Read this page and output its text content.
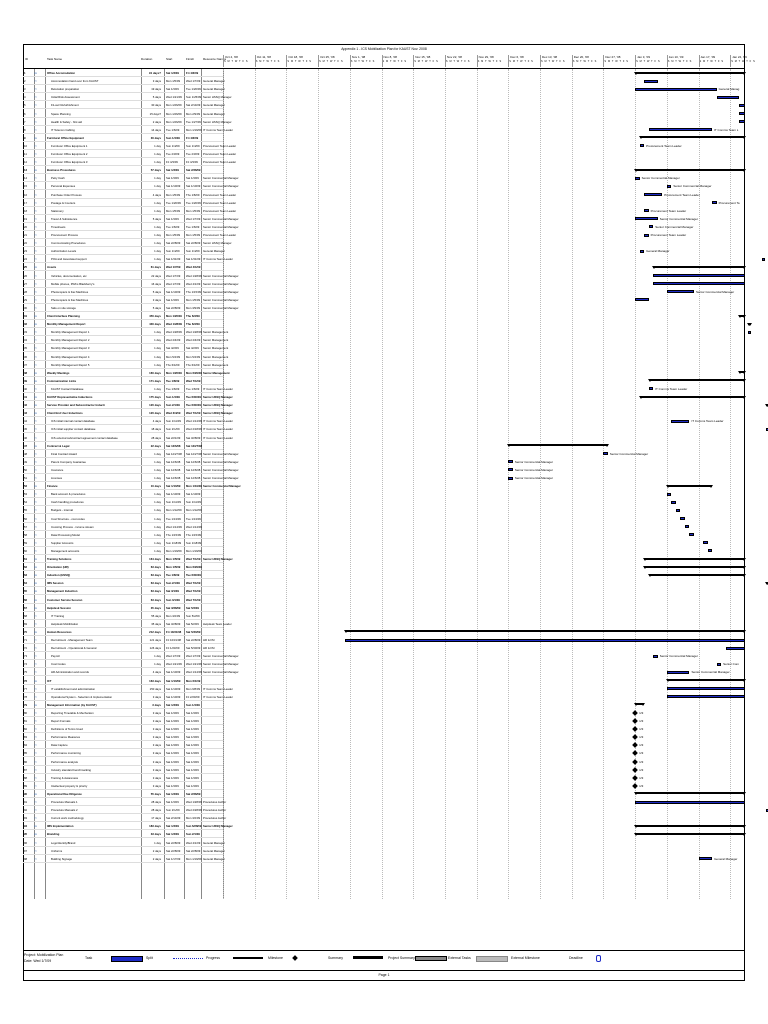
Appendix 1 - ICS Mobilization Plan for KAUST Nov. 2008
ID	Task Name	Duration	Start	Finish	Resource Names
Oct 4, '08
S M T W T F S
Oct 11, '08
S M T W T F S
Oct 18, '08
S M T W T F S
Oct 25, '08
S M T W T F S
Nov 1, '08
S M T W T F S
Nov 8, '08
S M T W T F S
Nov 15, '08
S M T W T F S
Nov 22, '08
S M T W T F S
Nov 29, '08
S M T W T F S
Dec 6, '08
S M T W T F S
Dec 13, '08
S M T W T F S
Dec 20, '08
S M T W T F S
Dec 27, '08
S M T W T F S
Jan 3, '09
S M T W T F S
Jan 10, '09
S M T W T F S
Jan 17, '09
S M T W T F S
Jan 24, '09
S M T W T F S
1	▭	Office Accomodation	91 days? Sat 1/3/09	Fri 4/3/09
2	▭	Accomodation hand over from KAUST	3 days Mon 1/5/09	Wed 1/7/09 General Manager
3	▭	Relocation preparation	19 days Sat 1/3/09	Tue 1/20/09 General Manager
4	▭	Initial Risk Assessment	5 days Wed 1/21/09	Sun 1/25/09 Senior HSSQ Manager
5	▭	Fit-out/ Refurbishment	30 days Mon 1/26/09	Sat 2/14/09 General Manager
6	▭	Space Planning	15 days? Mon 1/26/09	Mon 2/9/09	General Manager
7	▭	Health & Safety - first aid	2 days Mon 1/26/09	Tue 1/27/09 Senior HSSQ Manager
8	▭	IT Telecom Cabling	14 days Tue 1/6/09	Mon 1/19/09 IT Comms Team Leader
9	▭	Furniture/ Office Equipment	30 days Sun 1/4/09	Fri 4/3/09
10	▭	Furniture/ Office Equipment 1	1 day Sun 1/4/09	Sun 1/4/09	Procurement Team Leader
11	▭	Furniture/ Office Equipment 2	1 day Tue 2/3/09	Tue 2/3/09	Procurement Team Leader
12	▭	Furniture/ Office Equipment 3	1 day Fri 4/3/09	Fri 4/3/09	Procurement Team Leader
13	▭	Business Procedures	57 days Sat 1/3/09	Sat 2/28/09
14	▭	Petty Cash	1 day Sat 1/3/09	Sat 1/3/09	Senior Commercial Manager
15	▭	Personal Expenses	1 day Sat 1/10/09	Sat 1/10/09 Senior Commercial Manager
16	▭	Purchase Order Process	4 days Mon 1/5/09	Thu 1/8/09	Procurement Team Leader
17	▭	Postage & Couriers	1 day Tue 1/20/09	Tue 1/20/09 Procurement Team Leader
18	▭	Stationery	1 day Mon 1/5/09	Mon 1/5/09	Procurement Team Leader
19	▭	Travel & Subsistence	5 days Sat 1/3/09	Wed 1/7/09 Senior Commercial Manager
20	▭	Timesheets	1 day Tue 1/6/09	Tue 1/6/09	Senior Commercial Manager
21	▭	Procurement Process	1 day Mon 1/5/09	Mon 1/5/09	Procurement Team Leader
22	▭	Communicating Procedures	1 day Sat 2/28/09	Sat 2/28/09 Senior HSSQ Manager
23	▭	Authorization Levels	1 day Sun 1/4/09	Sun 1/4/09	General Manager
24	▭	POA and Associated support	1 day Sat 1/31/09	Sat 1/31/09 IT Comms Team Leader
25	▭	Assets	61 days Wed 1/7/09	Wed 4/1/09
26	▭	Vehicles, documentation, etc	22 days Wed 1/7/09	Wed 1/28/09 Senior Commercial Manager
27	▭	Mobile phones, PDA's Blackberry's	16 days Wed 1/7/09	Wed 4/1/09 Senior Commercial Manager
28	▭	Photocopiers & Fax Machines	5 days Sat 1/10/09	Thu 1/15/09 Senior Commercial Manager
29	▭	Photocopiers & Fax Machines	3 days Sat 1/3/09	Mon 1/5/09	Senior Commercial Manager
30	▭	Safe on site storage	5 days Sat 2/28/09	Mon 3/9/09	Senior Commercial Manager
31	▭	Client Interface Planning	450 days Mon 1/26/09	Thu 6/3/09
32	▭	Monthly Management Report	430 days Wed 1/28/09	Thu 6/3/09
33	▭	Monthly Management Report 1	1 day Wed 1/28/09	Wed 1/28/09 Senior Management
34	▭	Monthly Management Report 2	1 day Wed 2/4/09	Wed 2/4/09 Senior Management
35	▭	Monthly Management Report 3	1 day Sat 4/2/09	Sat 4/2/09	Senior Management
36	▭	Monthly Management Report 4	1 day Mon 5/4/09	Mon 5/4/09	Senior Management
37	▭	Monthly Management Report 5	1 day Thu 6/4/09	Thu 6/4/09	Senior Management
38	▭	Weekly Meetings	160 days Mon 1/26/09	Mon 6/29/09 Senior Management
39	▭	Communication Links	171 days Tue 1/6/09	Wed 7/1/09
40	▭	KAUST Contact Database	1 day Tue 1/6/09	Tue 1/6/09	IT Comms Team Leader
41	▭	KAUST Representative Inductions	175 days Sun 1/4/09	Tue 6/30/09 Senior HSSQ Manager
42	▭	Service Provider and Subcontractor Inducti	120 days Sun 2/1/09	Tue 6/30/09 Senior HSSQ Manager
43	▭	Client End User Inductions	120 days Wed 3/4/09	Wed 7/1/09 Senior HSSQ Manager
44	▭	ICS initial internal contact database	4 days Sun 1/11/09	Wed 1/14/09 IT Comms Team Leader
45	▭	ICS initial supplier contact database	18 days Sun 2/1/09	Wed 2/18/09 IT Comms Team Leader
46	▭	ICS external subcontract agreement contact database	28 days Sat 2/21/09	Sat 3/28/09 IT Comms Team Leader
47	▭	Contract & Legal	22 days Sat 12/6/08	Sat 12/27/08
48	▭	Final Contract Award	1 day Sat 12/27/08	Sat 12/27/08 Senior Commercial Manager
49	▭	Parent Company Guarantee	1 day Sat 12/6/08	Sat 12/6/08 Senior Commercial Manager
50	▭	Insurance	1 day Sat 12/6/08	Sat 12/6/08 Senior Commercial Manager
51	▭	Licenses	1 day Sat 12/6/08	Sat 12/6/08 Senior Commercial Manager
52	▭	Finance	10 days Sat 1/10/09	Mon 1/19/09 Senior Commercial Manager
53	▭	Bank account & procedures	1 day Sat 1/10/09	Sat 1/10/09
54	▭	Cash handling procedures	1 day Sun 1/11/09	Sun 1/11/09
55	▭	Budgets - internal	1 day Mon 1/12/09	Mon 1/12/09
56	▭	Cost Structure - cost codes	1 day Tue 1/13/09	Tue 1/13/09
57	▭	Invoicing Process - income stream	1 day Wed 1/14/09	Wed 1/14/09
58	▭	Data Processing Model	1 day Thu 1/15/09	Thu 1/15/09
59	▭	Supplier Accounts	1 day Sun 1/18/09	Sun 1/18/09
60	▭	Management accounts	1 day Mon 1/19/09	Mon 1/19/09
61	▭	Training Solutions	164 days Mon 1/5/09	Wed 7/1/09 Senior HSSQ Manager
62	▭	Orientation (HR)	63 days Mon 1/5/09	Mon 6/29/09
63	▭	Induction (HSSQ)	63 days Tue 1/6/09	Tue 6/30/09
64	▭	IMS Session	63 days Sun 2/1/09	Wed 7/1/09
65	▭	Management Induction	63 days Sat 3/1/09	Wed 7/1/09
66	▭	Customer Service Session	63 days Sun 3/1/09	Wed 7/1/09
67	▭	Helpdesk Session	35 days Sat 3/28/09	Sat 5/2/09
68	▭	IT Training	55 days Mon 3/2/09	Sun 5/2/09
69	▭	Helpdesk Mobilization	35 days Sat 3/28/09	Sat 5/2/09	Helpdesk Team Leader
70	▭	Human Resources	212 days Fri 10/31/08	Sat 5/30/09
71	▭	Recruitment - Management Team	121 days Fri 10/31/08	Sat 2/28/09 HR & FM
72	▭	Recruitment - Operational & General	126 days Fri 1/23/09	Sat 5/30/09 HR & FM
73	▭	Payroll	1 day Wed 1/7/09	Wed 1/7/09 Senior Commercial Manager
74	▭	Cost Codes	1 day Wed 1/21/09	Wed 1/21/09 Senior Commercial Manager
75	▭	HR Administration and records	4 days Sat 1/10/09	Wed 1/14/09 Senior Commercial Manager
76	▭	ICT	163 days Sat 1/10/09	Mon 6/1/09
77	▭	IT establishment and administration	150 days Sat 1/10/09	Mon 6/8/09	IT Comms Team Leader
78	▭	Operational System - Selection & Implementation	3 days Sat 1/10/09	Fri 2/20/09	IT Comms Team Leader
79	▭	Management Information (by KAUST)	3 days Sat 1/3/09	Sun 1/4/09
80	▭	Reporting Timetable & Mechanism	3 days Sat 1/3/09	Sat 1/3/09
81	▭	Report Formats	3 days Sat 1/3/09	Sat 1/3/09
82	▭	Definitions of Terms Used	3 days Sat 1/3/09	Sat 1/3/09
83	▭	Performance Measures	3 days Sat 1/3/09	Sat 1/3/09
84	▭	Data Capture	3 days Sat 1/3/09	Sat 1/3/09
85	▭	Performance monitoring	3 days Sat 1/3/09	Sat 1/3/09
86	▭	Performance analysis	3 days Sat 1/3/09	Sat 1/3/09
87	▭	Industry standard benchmarking	3 days Sat 1/3/09	Sat 1/3/09
88	▭	Training & Awareness	3 days Sat 1/3/09	Sat 1/3/09
89	▭	Intellectual property & priority	3 days Sat 1/3/09	Sat 1/3/09
90	▭	Operational Due Diligence	55 days Sat 1/3/09	Sat 2/28/09
91	▭	Procedure Manuals 1	28 days Sat 1/3/09	Wed 1/28/09 Procedures Author
92	▭	Procedure Manuals 2	28 days Sun 2/1/09	Wed 2/28/09 Procedures Author
93	▭	Current work methodology	17 days Sat 2/14/09	Mon 3/2/09	Procedures Author
94	▭	IMS Implementation	183 days Sat 1/3/09	Sun 6/28/09 Senior HSSQ Manager
95	▭	Branding	33 days Sat 1/3/09	Sun 2/1/09
96	▭	Logo/Identity/Brand	1 day Sat 2/28/09	Wed 4/1/09 General Manager
97	▭	Uniforms	2 days Sat 2/28/09	Sat 2/28/09 General Manager
98	▭	Building Signage	2 days Sat 1/17/09	Mon 1/19/09 General Manager
General Manag
IT Comms Team L
Procurement Team Leader
Senior Commercial Manager
Senior Commercial Manager
Procurement Team Leader
Procurement Te
Procurement Team Leader
Senior Commercial Manager
Senior Commercial Manager
Procurement Team Leader
General Manager
Senior Commercial Manager
IT Comms Team Leader
IT Comms Team Leader
Senior Commercial Manager
Senior Commercial Manager
Senior Commercial Manager
Senior Commercial Manager
Senior Commercial Manager
Senior Com
Senior Commercial Manager
General Manager
1/3
1/3
1/3
1/3
1/3
1/3
1/3
1/3
1/3
1/3
Project: Mobilization Plan
Date: Wed 1/7/09
Task	Split	Progress	Milestone	Summary	Project Summary	External Tasks	External Milestone	Deadline
Page 1
